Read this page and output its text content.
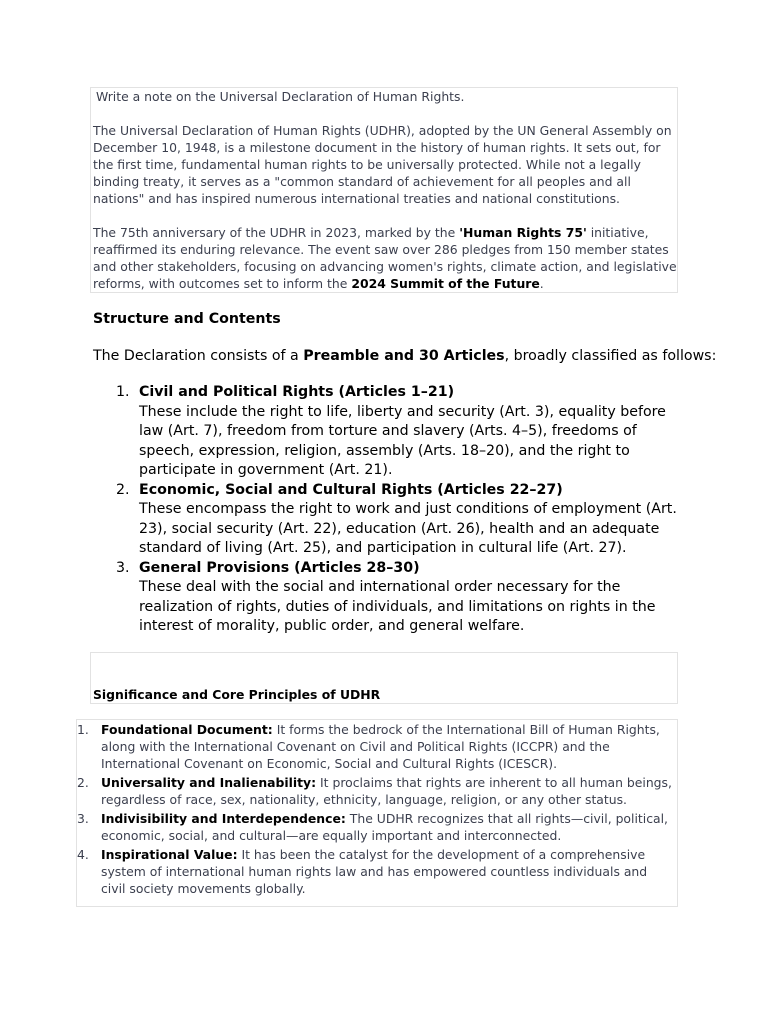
Write a note on the Universal Declaration of Human Rights.

The Universal Declaration of Human Rights (UDHR), adopted by the UN General Assembly on December 10, 1948, is a milestone document in the history of human rights. It sets out, for the first time, fundamental human rights to be universally protected. While not a legally binding treaty, it serves as a "common standard of achievement for all peoples and all nations" and has inspired numerous international treaties and national constitutions.

The 75th anniversary of the UDHR in 2023, marked by the 'Human Rights 75' initiative, reaffirmed its enduring relevance. The event saw over 286 pledges from 150 member states and other stakeholders, focusing on advancing women's rights, climate action, and legislative reforms, with outcomes set to inform the 2024 Summit of the Future.

Structure and Contents

The Declaration consists of a Preamble and 30 Articles, broadly classified as follows:

1. Civil and Political Rights (Articles 1–21)
These include the right to life, liberty and security (Art. 3), equality before law (Art. 7), freedom from torture and slavery (Arts. 4–5), freedoms of speech, expression, religion, assembly (Arts. 18–20), and the right to participate in government (Art. 21).
2. Economic, Social and Cultural Rights (Articles 22–27)
These encompass the right to work and just conditions of employment (Art. 23), social security (Art. 22), education (Art. 26), health and an adequate standard of living (Art. 25), and participation in cultural life (Art. 27).
3. General Provisions (Articles 28–30)
These deal with the social and international order necessary for the realization of rights, duties of individuals, and limitations on rights in the interest of morality, public order, and general welfare.
Significance and Core Principles of UDHR
1. Foundational Document: It forms the bedrock of the International Bill of Human Rights, along with the International Covenant on Civil and Political Rights (ICCPR) and the International Covenant on Economic, Social and Cultural Rights (ICESCR).
2. Universality and Inalienability: It proclaims that rights are inherent to all human beings, regardless of race, sex, nationality, ethnicity, language, religion, or any other status.
3. Indivisibility and Interdependence: The UDHR recognizes that all rights—civil, political, economic, social, and cultural—are equally important and interconnected.
4. Inspirational Value: It has been the catalyst for the development of a comprehensive system of international human rights law and has empowered countless individuals and civil society movements globally.
